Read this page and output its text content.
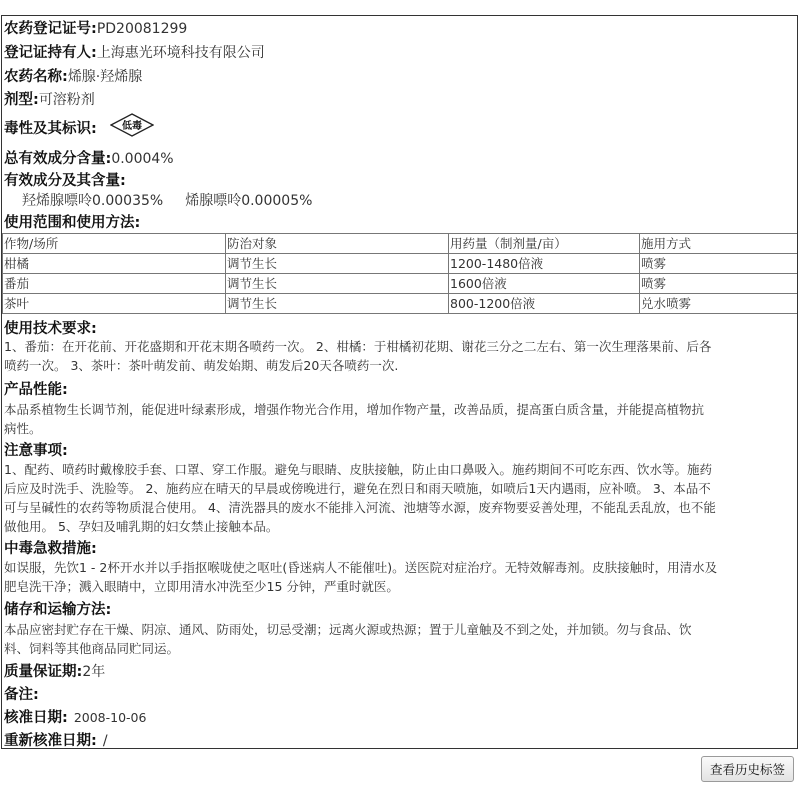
农药登记证号:PD20081299
登记证持有人:上海惠光环境科技有限公司
农药名称:烯腺·羟烯腺
剂型:可溶粉剂
毒性及其标识:	低毒
总有效成分含量:0.0004%
有效成分及其含量:
羟烯腺嘌呤0.00035% 烯腺嘌呤0.00005%
使用范围和使用方法:
作物/场所	防治对象	用药量（制剂量/亩）	施用方式
柑橘	调节生长	1200-1480倍液	喷雾
番茄	调节生长	1600倍液	喷雾
茶叶	调节生长	800-1200倍液	兑水喷雾
使用技术要求:
1、番茄：在开花前、开花盛期和开花末期各喷药一次。 2、柑橘：于柑橘初花期、谢花三分之二左右、第一次生理落果前、后各
喷药一次。 3、茶叶：茶叶萌发前、萌发始期、萌发后20天各喷药一次.
产品性能:
本品系植物生长调节剂，能促进叶绿素形成，增强作物光合作用，增加作物产量，改善品质，提高蛋白质含量，并能提高植物抗
病性。
注意事项:
1、配药、喷药时戴橡胶手套、口罩、穿工作服。避免与眼睛、皮肤接触，防止由口鼻吸入。施药期间不可吃东西、饮水等。施药
后应及时洗手、洗脸等。 2、施药应在晴天的早晨或傍晚进行，避免在烈日和雨天喷施，如喷后1天内遇雨，应补喷。 3、本品不
可与呈碱性的农药等物质混合使用。 4、清洗器具的废水不能排入河流、池塘等水源，废弃物要妥善处理，不能乱丢乱放，也不能
做他用。 5、孕妇及哺乳期的妇女禁止接触本品。
中毒急救措施:
如误服，先饮1 - 2杯开水并以手指抠喉咙使之呕吐(昏迷病人不能催吐)。送医院对症治疗。无特效解毒剂。皮肤接触时，用清水及
肥皂洗干净；溅入眼睛中，立即用清水冲洗至少15 分钟，严重时就医。
储存和运输方法:
本品应密封贮存在干燥、阴凉、通风、防雨处，切忌受潮；远离火源或热源；置于儿童触及不到之处，并加锁。勿与食品、饮
料、饲料等其他商品同贮同运。
质量保证期:2年
备注:
核准日期: 2008-10-06
重新核准日期: /
查看历史标签
